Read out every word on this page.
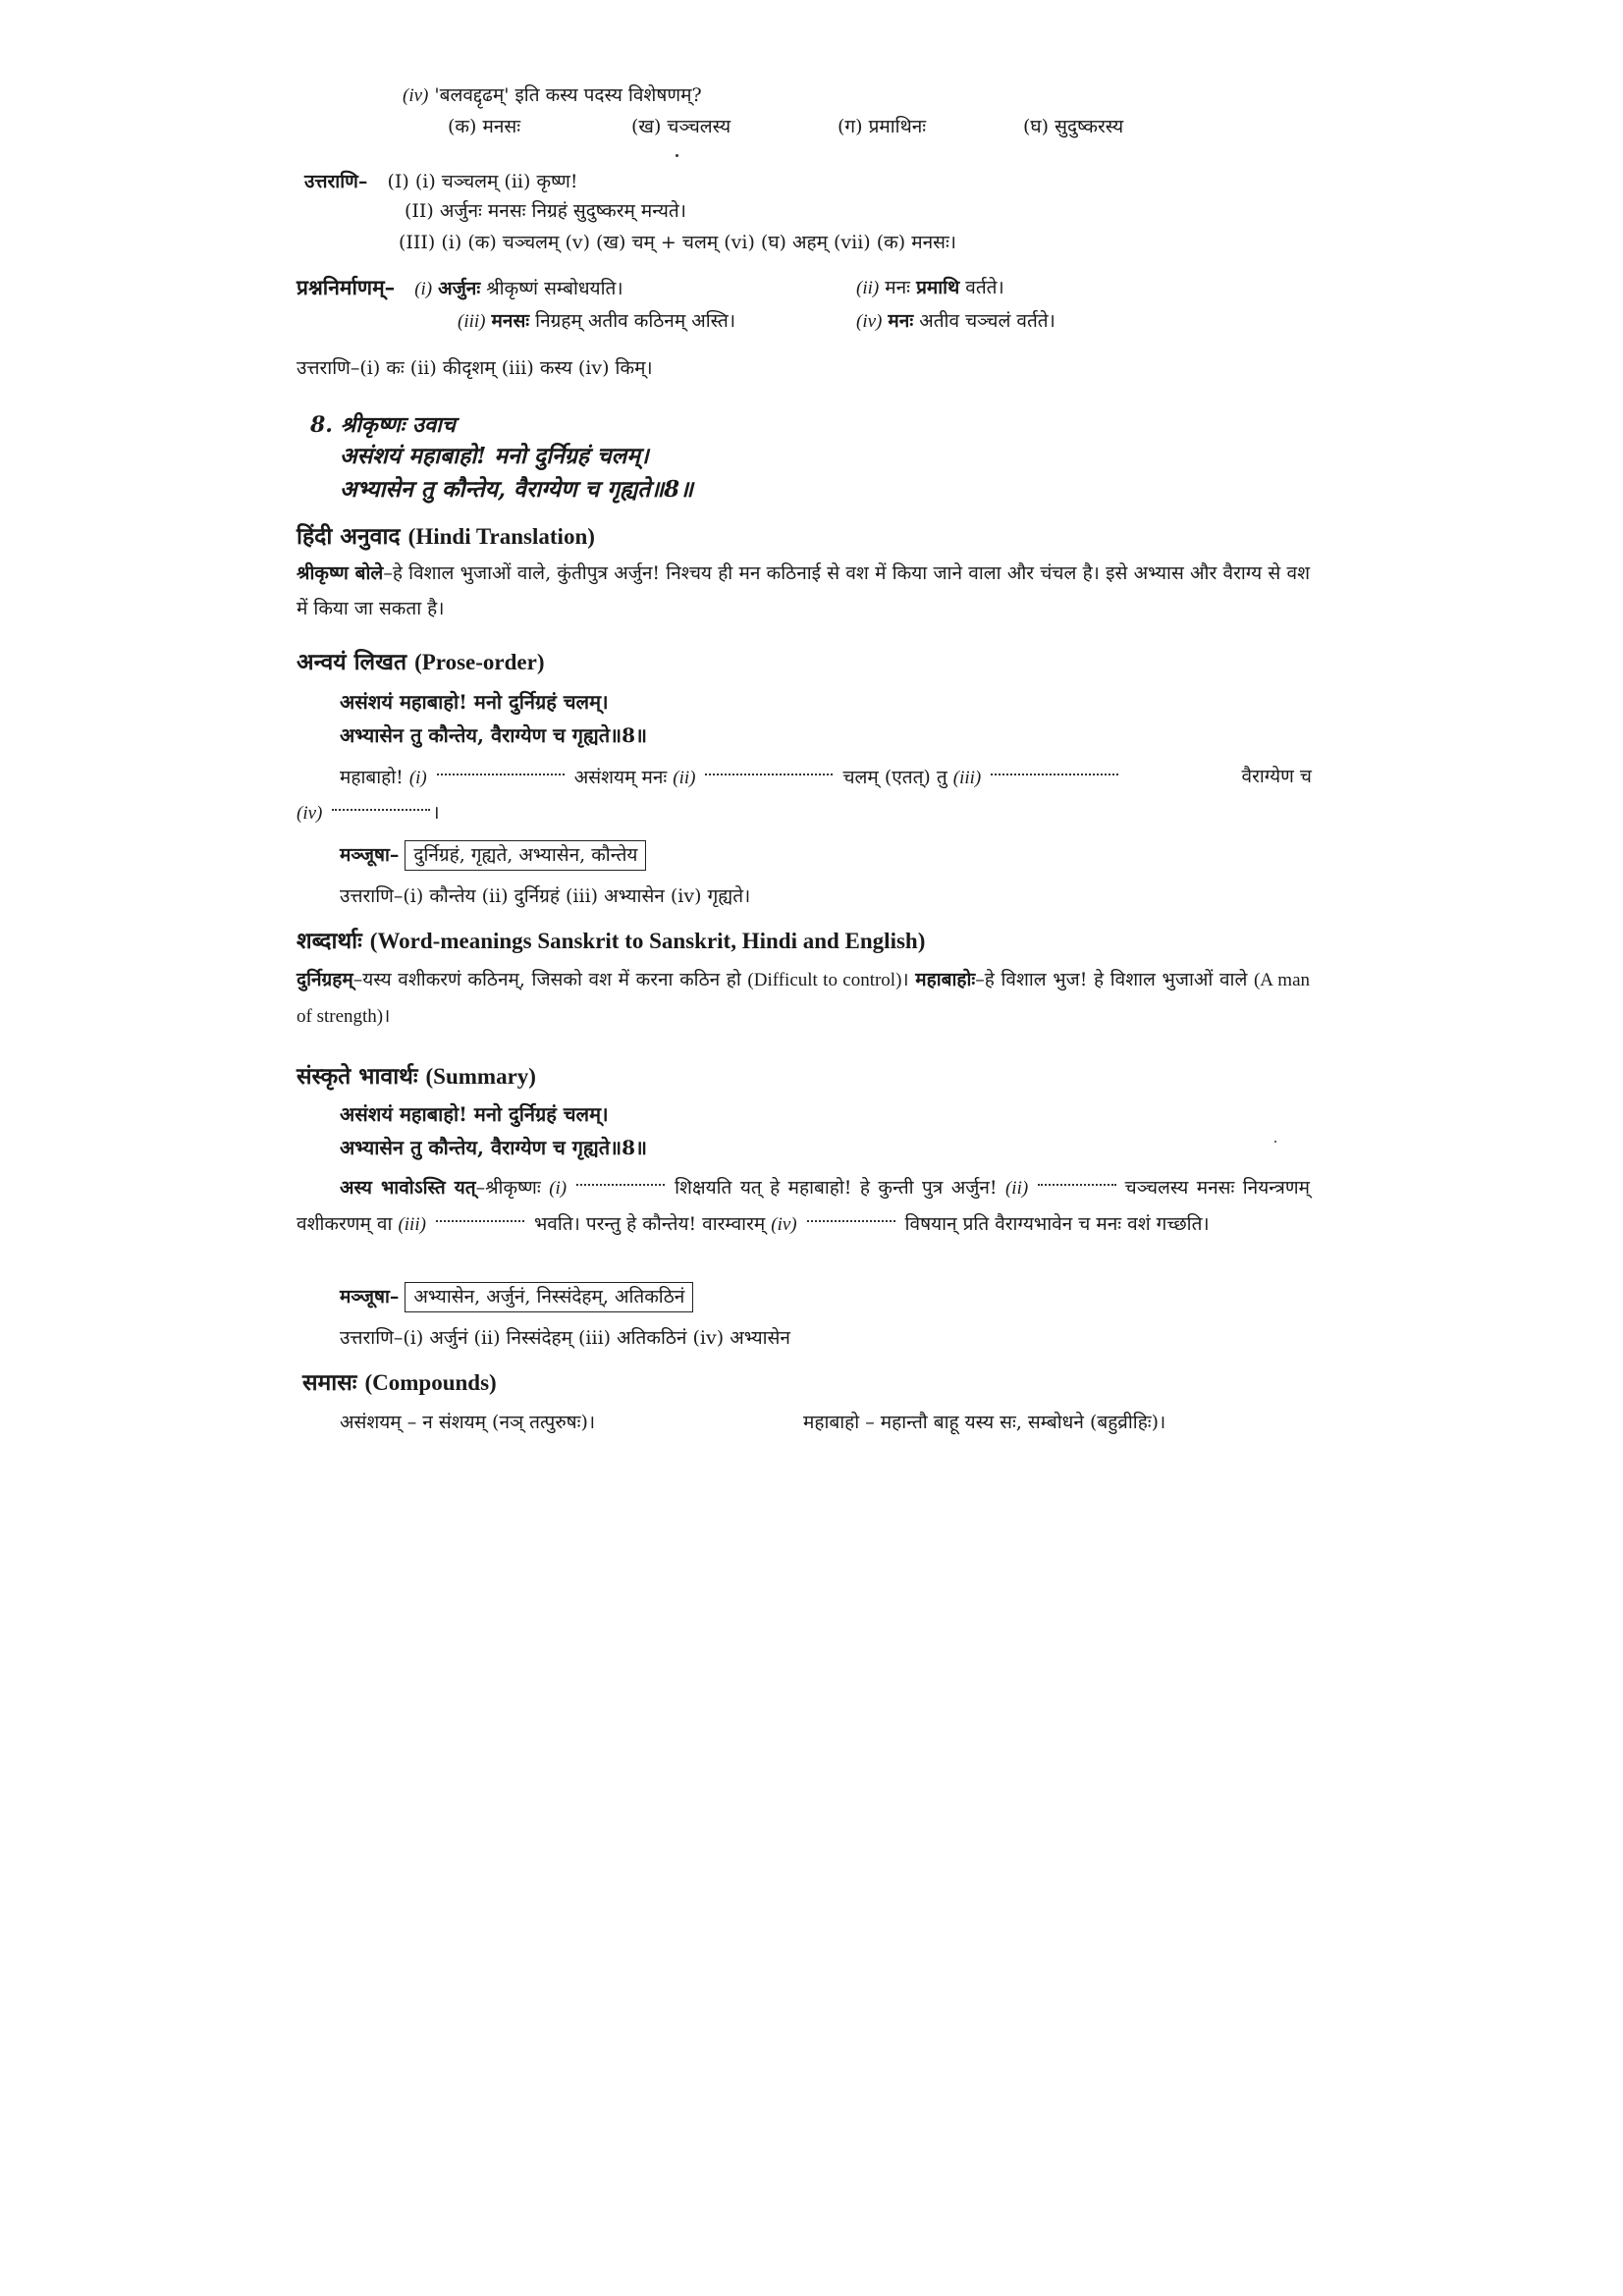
(iv) 'बलवद्दृढम्' इति कस्य पदस्य विशेषणम्?
(क) मनसः	(ख) चञ्चलस्य	(ग) प्रमाथिनः	(घ) सुदुष्करस्य
उत्तराणि– (I) (i) चञ्चलम् (ii) कृष्ण!
(II) अर्जुनः मनसः निग्रहं सुदुष्करम् मन्यते।
(III) (i) (क) चञ्चलम् (v) (ख) चम् + चलम् (vi) (घ) अहम् (vii) (क) मनसः।
प्रश्ननिर्माणम्– (i) अर्जुनः श्रीकृष्णं सम्बोधयति।	(ii) मनः प्रमाथि वर्तते।
(iii) मनसः निग्रहम् अतीव कठिनम् अस्ति।	(iv) मनः अतीव चञ्चलं वर्तते।
उत्तराणि–(i) कः (ii) कीदृशम् (iii) कस्य (iv) किम्।
8. श्रीकृष्णः उवाच
असंशयं महाबाहो! मनो दुर्निग्रहं चलम्।
अभ्यासेन तु कौन्तेय, वैराग्येण च गृह्यते॥8॥
हिंदी अनुवाद (Hindi Translation)
श्रीकृष्ण बोले–हे विशाल भुजाओं वाले, कुंतीपुत्र अर्जुन! निश्चय ही मन कठिनाई से वश में किया जाने वाला और चंचल है। इसे अभ्यास और वैराग्य से वश में किया जा सकता है।
अन्वयं लिखत (Prose-order)
असंशयं महाबाहो! मनो दुर्निग्रहं चलम्।
अभ्यासेन तु कौन्तेय, वैराग्येण च गृह्यते॥8॥
महाबाहो! (i)	असंशयम् मनः (ii)	चलम् (एतत्) तु (iii)	वैराग्येण च
(iv)	।
मञ्जूषा– दुर्निग्रहं, गृह्यते, अभ्यासेन, कौन्तेय
उत्तराणि–(i) कौन्तेय (ii) दुर्निग्रहं (iii) अभ्यासेन (iv) गृह्यते।
शब्दार्थाः (Word-meanings Sanskrit to Sanskrit, Hindi and English)
दुर्निग्रहम्–यस्य वशीकरणं कठिनम्, जिसको वश में करना कठिन हो (Difficult to control)। महाबाहोः–हे विशाल भुज! हे विशाल भुजाओं वाले (A man of strength)।
संस्कृते भावार्थः (Summary)
असंशयं महाबाहो! मनो दुर्निग्रहं चलम्।
अभ्यासेन तु कौन्तेय, वैराग्येण च गृह्यते॥8॥
अस्य भावोऽस्ति यत्–श्रीकृष्णः (i)	शिक्षयति यत् हे महाबाहो! हे कुन्ती पुत्र अर्जुन! (ii)	चञ्चलस्य मनसः नियन्त्रणम् वशीकरणम् वा (iii)	भवति। परन्तु हे कौन्तेय! वारम्वारम् (iv)	विषयान् प्रति वैराग्यभावेन च मनः वशं गच्छति।
मञ्जूषा– अभ्यासेन, अर्जुनं, निस्संदेहम्, अतिकठिनं
उत्तराणि–(i) अर्जुनं (ii) निस्संदेहम् (iii) अतिकठिनं (iv) अभ्यासेन
समासः (Compounds)
असंशयम् – न संशयम् (नञ् तत्पुरुषः)।	महाबाहो – महान्तौ बाहू यस्य सः, सम्बोधने (बहुव्रीहिः)।
